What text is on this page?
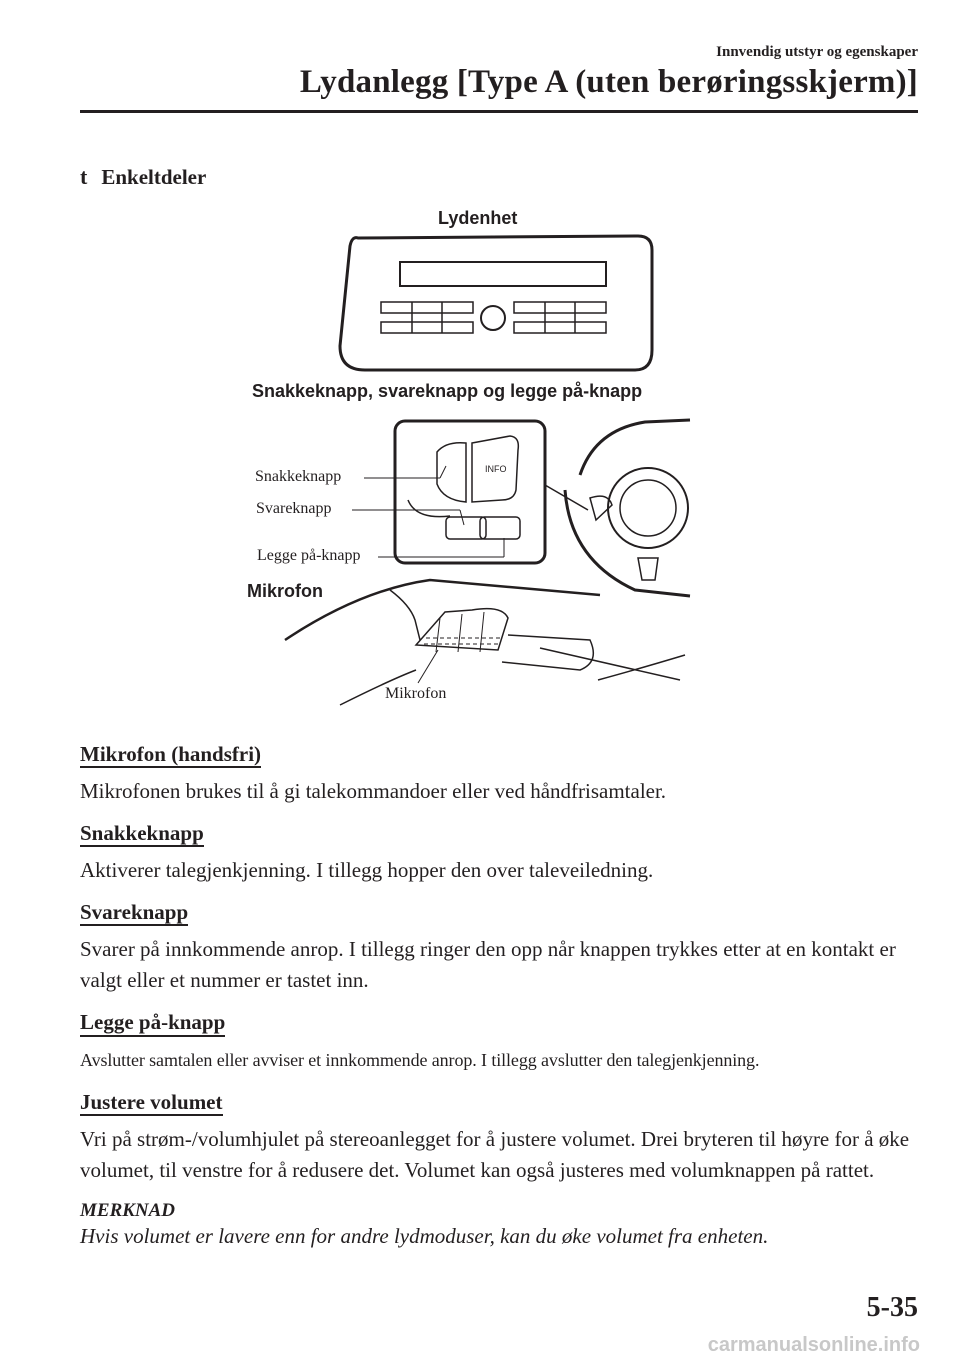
Innvendig utstyr og egenskaper
Lydanlegg [Type A (uten berøringsskjerm)]
t Enkeltdeler
INFO
Lydenhet
Snakkeknapp, svareknapp og legge på-knapp
Snakkeknapp
Svareknapp
Legge på-knapp
Mikrofon
Mikrofon
Mikrofon (handsfri)
Mikrofonen brukes til å gi talekommandoer eller ved håndfrisamtaler.
Snakkeknapp
Aktiverer talegjenkjenning. I tillegg hopper den over taleveiledning.
Svareknapp
Svarer på innkommende anrop. I tillegg ringer den opp når knappen trykkes etter at en kontakt er valgt eller et nummer er tastet inn.
Legge på-knapp
Avslutter samtalen eller avviser et innkommende anrop. I tillegg avslutter den talegjenkjenning.
Justere volumet
Vri på strøm-/volumhjulet på stereoanlegget for å justere volumet. Drei bryteren til høyre for å øke volumet, til venstre for å redusere det. Volumet kan også justeres med volumknappen på rattet.
MERKNAD
Hvis volumet er lavere enn for andre lydmoduser, kan du øke volumet fra enheten.
5-35
carmanualsonline.info
